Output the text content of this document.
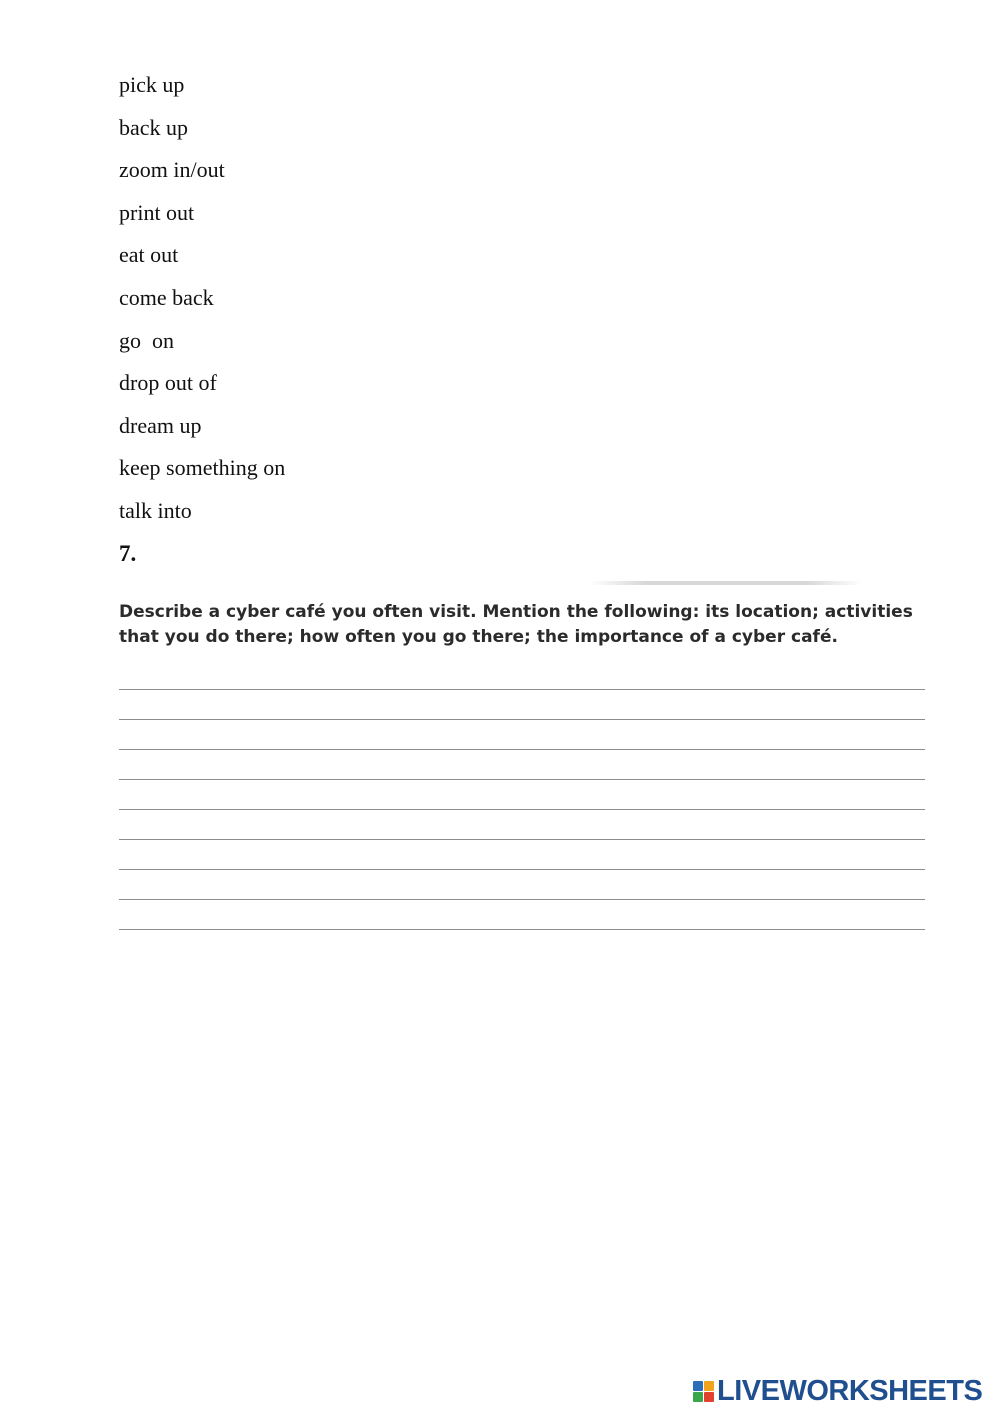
pick up
back up
zoom in/out
print out
eat out
come back
go  on
drop out of
dream up
keep something on
talk into
7.

Describe a cyber café you often visit. Mention the following: its location; activities that you do there; how often you go there; the importance of a cyber café.

LIVEWORKSHEETS
